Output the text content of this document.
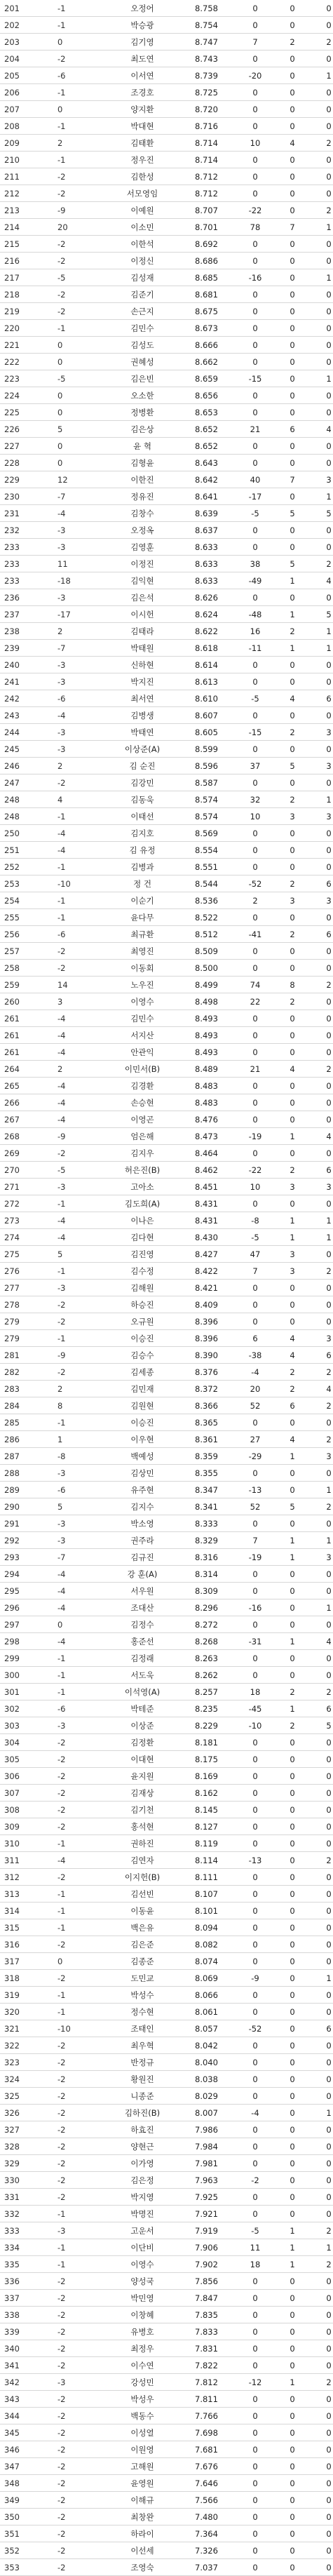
201	-1	오정어	8.758	0	0	0
202	-1	박승광	8.754	0	0	0
203	0	김기영	8.747	7	2	2
204	-2	최도연	8.743	0	0	0
205	-6	이서연	8.739	-20	0	1
206	-1	조경호	8.725	0	0	0
207	0	양지환	8.720	0	0	0
208	-1	박대현	8.716	0	0	0
209	2	김태환	8.714	10	4	2
210	-1	정우진	8.714	0	0	0
211	-2	김한성	8.712	0	0	0
212	-2	서모영임	8.712	0	0	0
213	-9	이예원	8.707	-22	0	2
214	20	이소민	8.701	78	7	1
215	-2	이한석	8.692	0	0	0
216	-2	이정신	8.686	0	0	0
217	-5	김성재	8.685	-16	0	1
218	-2	김준기	8.681	0	0	0
219	-2	손근지	8.675	0	0	0
220	-1	김민수	8.673	0	0	0
221	0	김성도	8.666	0	0	0
222	0	권혜성	8.662	0	0	0
223	-5	김은빈	8.659	-15	0	1
224	0	오소한	8.656	0	0	0
225	0	정병환	8.653	0	0	0
226	5	김은상	8.652	21	6	4
227	0	윤 혁	8.652	0	0	0
228	0	김형윤	8.643	0	0	0
229	12	이한진	8.642	40	7	3
230	-7	정유진	8.641	-17	0	1
231	-4	김창수	8.639	-5	5	5
232	-3	오정옥	8.637	0	0	0
233	-3	김영훈	8.633	0	0	0
233	11	이정진	8.633	38	5	2
233	-18	김익현	8.633	-49	1	4
236	-3	김은석	8.626	0	0	0
237	-17	이시헌	8.624	-48	1	5
238	2	김태라	8.622	16	2	1
239	-7	박태원	8.618	-11	1	1
240	-3	신하현	8.614	0	0	0
241	-3	박지진	8.613	0	0	0
242	-6	최서연	8.610	-5	4	6
243	-4	김병생	8.607	0	0	0
244	-3	박태연	8.605	-15	2	3
245	-3	이상준(A)	8.599	0	0	0
246	2	김 순진	8.596	37	5	3
247	-2	김강민	8.587	0	0	0
248	4	김동욱	8.574	32	2	1
248	-1	이태선	8.574	10	3	3
250	-4	김지호	8.569	0	0	0
251	-4	김 유정	8.554	0	0	0
252	-1	김병과	8.551	0	0	0
253	-10	정 건	8.544	-52	2	6
254	-1	이순기	8.536	2	3	3
255	-1	윤다무	8.522	0	0	0
256	-6	최규환	8.512	-41	2	6
257	-2	최영진	8.509	0	0	0
258	-2	이동회	8.500	0	0	0
259	14	노우진	8.499	74	8	2
260	3	이영수	8.498	22	2	0
261	-4	김민수	8.493	0	0	0
261	-4	서지산	8.493	0	0	0
261	-4	안관익	8.493	0	0	0
264	2	이민서(B)	8.489	21	4	2
265	-4	김경환	8.483	0	0	0
266	-4	손승현	8.483	0	0	0
267	-4	이영곤	8.476	0	0	0
268	-9	엄은해	8.473	-19	1	4
269	-2	김지우	8.464	0	0	0
270	-5	허은진(B)	8.462	-22	2	6
271	-3	고아소	8.451	10	3	3
272	-1	김도희(A)	8.431	0	0	0
273	-4	이나은	8.431	-8	1	1
274	-4	김다현	8.430	-5	1	1
275	5	김진영	8.427	47	3	0
276	-1	김수정	8.422	7	3	2
277	-3	김해원	8.421	0	0	0
278	-2	하승진	8.409	0	0	0
279	-2	오규원	8.396	0	0	0
279	-1	이승진	8.396	6	4	3
281	-9	김승수	8.390	-38	4	6
282	-2	김세종	8.376	-4	2	2
283	2	김민재	8.372	20	2	4
284	8	김원현	8.366	52	6	2
285	-1	이승진	8.365	0	0	0
286	1	이우현	8.361	27	4	2
287	-8	백예성	8.359	-29	1	3
288	-3	김상민	8.355	0	0	0
289	-6	유주현	8.347	-13	0	1
290	5	김지수	8.341	52	5	2
291	-3	박소영	8.333	0	0	0
292	-3	권주라	8.329	7	1	1
293	-7	김규진	8.316	-19	1	3
294	-4	강 훈(A)	8.314	0	0	0
295	-4	서우원	8.309	0	0	0
296	-4	조대산	8.296	-16	0	1
297	0	김정수	8.272	0	0	0
298	-4	홍준선	8.268	-31	1	4
299	-1	김정래	8.263	0	0	0
300	-1	서도욱	8.262	0	0	0
301	-1	이석영(A)	8.257	18	2	2
302	-6	박테준	8.235	-45	1	6
303	-3	이상준	8.229	-10	2	5
304	-2	김정환	8.181	0	0	0
305	-2	이대현	8.175	0	0	0
306	-2	윤지원	8.169	0	0	0
307	-2	김재상	8.162	0	0	0
308	-2	김기천	8.145	0	0	0
309	-2	홍석현	8.127	0	0	0
310	-1	권하진	8.119	0	0	0
311	-4	김연자	8.114	-13	0	2
312	-2	이지헌(B)	8.111	0	0	0
313	-1	김선빈	8.107	0	0	0
314	-1	이동윤	8.101	0	0	0
315	-1	백은유	8.094	0	0	0
316	-2	김은준	8.082	0	0	0
317	0	김종준	8.074	0	0	0
318	-2	도민교	8.069	-9	0	1
319	-1	박성수	8.066	0	0	0
320	-1	정수현	8.061	0	0	0
321	-10	조태인	8.057	-52	0	6
322	-2	최우혁	8.042	0	0	0
323	-2	반정규	8.040	0	0	0
324	-2	황원진	8.038	0	0	0
325	-2	니종준	8.029	0	0	0
326	-2	김하진(B)	8.007	-4	0	1
327	-2	하효진	7.986	0	0	0
328	-2	양현근	7.984	0	0	0
329	-2	이가영	7.981	0	0	0
330	-2	김은정	7.963	-2	0	0
331	-2	박지영	7.925	0	0	0
332	-1	박명진	7.921	0	0	0
333	-3	고운서	7.919	-5	1	2
334	-1	이단비	7.906	11	1	1
335	-1	이영수	7.902	18	1	2
336	-2	양성국	7.856	0	0	0
337	-2	박민영	7.847	0	0	0
338	-2	이창혜	7.835	0	0	0
339	-2	유병호	7.833	0	0	0
340	-2	최정우	7.831	0	0	0
341	-2	이수연	7.822	0	0	0
342	-3	강성민	7.812	-12	1	2
343	-2	박성우	7.811	0	0	0
344	-2	백동수	7.766	0	0	0
345	-2	이성열	7.698	0	0	0
346	-2	이원영	7.681	0	0	0
347	-2	고해원	7.676	0	0	0
348	-2	윤영원	7.646	0	0	0
349	-2	이해규	7.566	0	0	0
350	-2	최창완	7.480	0	0	0
351	-2	하라이	7.364	0	0	0
352	-2	이선세	7.326	0	0	0
353	-2	조영숙	7.037	0	0	0
